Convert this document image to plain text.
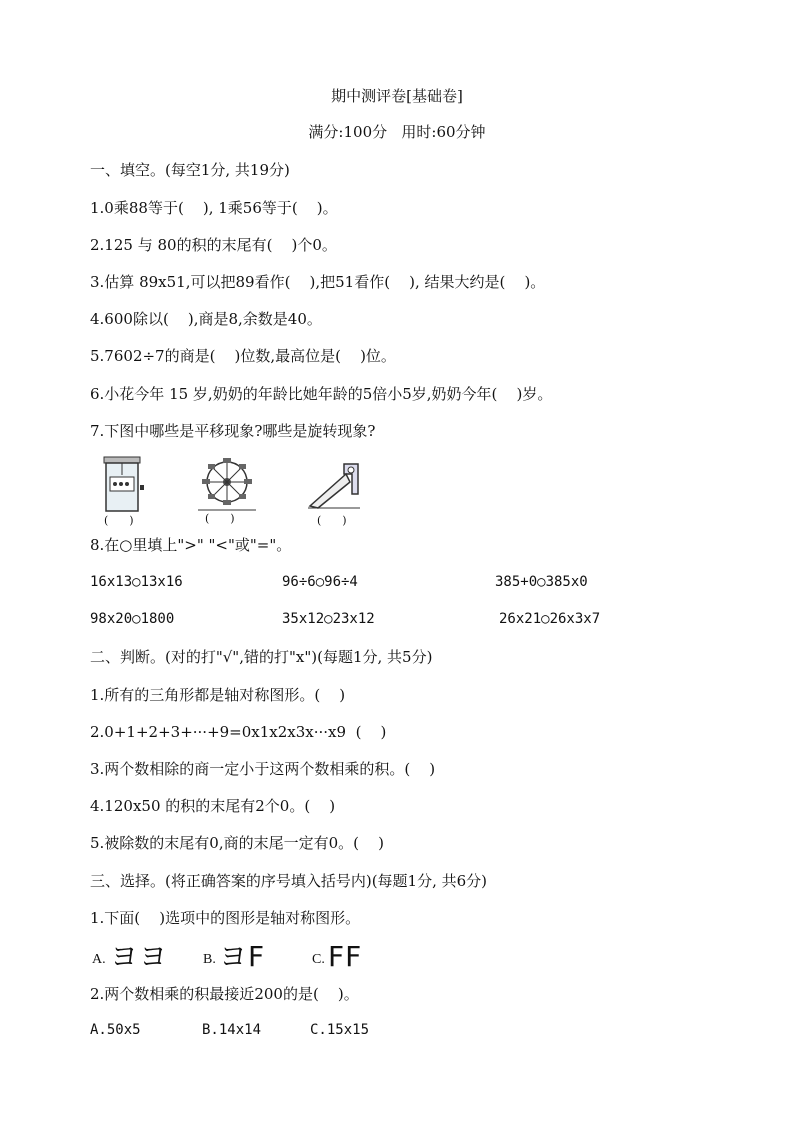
期中测评卷[基础卷]
满分:100分   用时:60分钟
一、填空。(每空1分, 共19分)
1.0乘88等于(    ), 1乘56等于(    )。
2.125 与 80的积的末尾有(    )个0。
3.估算 89x51,可以把89看作(    ),把51看作(    ), 结果大约是(    )。
4.600除以(    ),商是8,余数是40。
5.7602÷7的商是(    )位数,最高位是(    )位。
6.小花今年 15 岁,奶奶的年龄比她年龄的5倍小5岁,奶奶今年(    )岁。
7.下图中哪些是平移现象?哪些是旋转现象?
(      )	(      )	(      )
8.在○里填上">" "<"或"="。
16x13○13x16	96÷6○96÷4	385+0○385x0
98x20○1800	35x12○23x12	26x21○26x3x7
二、判断。(对的打"√",错的打"x")(每题1分, 共5分)
1.所有的三角形都是轴对称图形。(    )
2.0+1+2+3+···+9=0x1x2x3x···x9  (    )
3.两个数相除的商一定小于这两个数相乘的积。(    )
4.120x50 的积的末尾有2个0。(    )
5.被除数的末尾有0,商的末尾一定有0。(    )
三、选择。(将正确答案的序号填入括号内)(每题1分, 共6分)
1.下面(    )选项中的图形是轴对称图形。
A. ヨヨ B. ヨF	C. FF
2.两个数相乘的积最接近200的是(    )。
A.50x5	B.14x14	C.15x15
